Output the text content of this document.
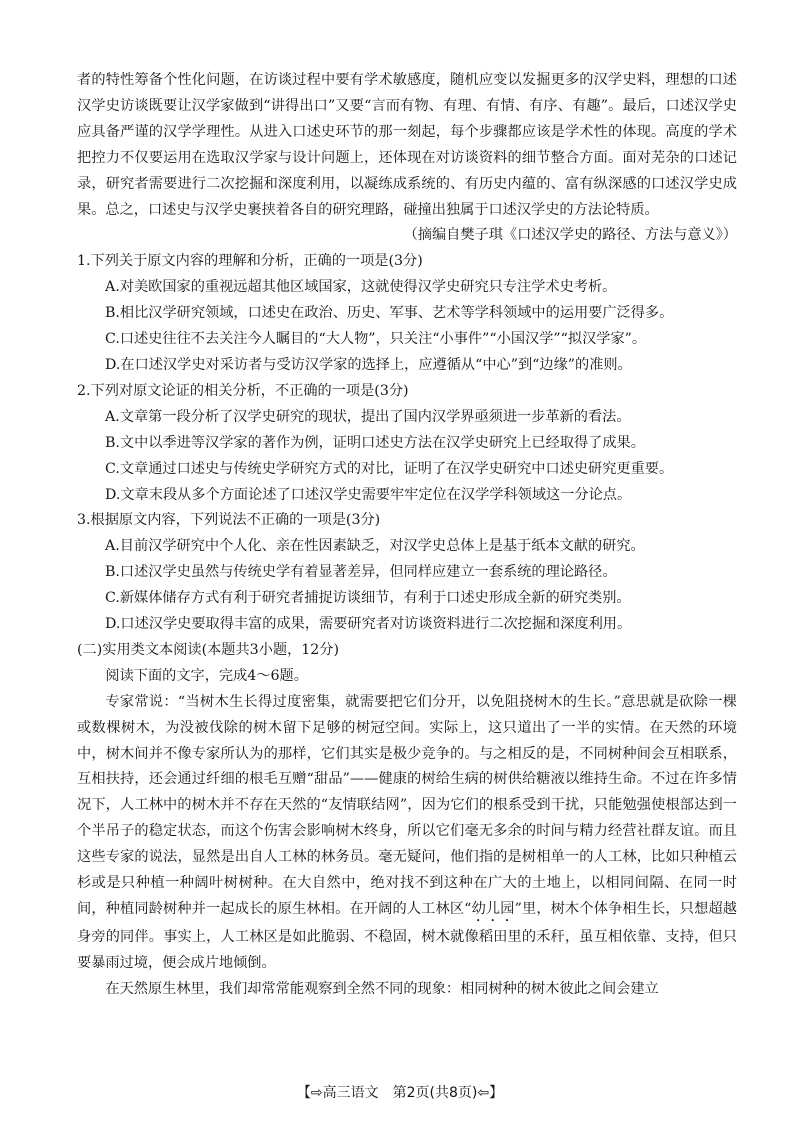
者的特性筹备个性化问题，在访谈过程中要有学术敏感度，随机应变以发掘更多的汉学史料，理想的口述汉学史访谈既要让汉学家做到“讲得出口”又要“言而有物、有理、有情、有序、有趣”。最后，口述汉学史应具备严谨的汉学学理性。从进入口述史环节的那一刻起，每个步骤都应该是学术性的体现。高度的学术把控力不仅要运用在选取汉学家与设计问题上，还体现在对访谈资料的细节整合方面。面对芜杂的口述记录，研究者需要进行二次挖掘和深度利用，以凝练成系统的、有历史内蕴的、富有纵深感的口述汉学史成果。总之，口述史与汉学史裹挟着各自的研究理路，碰撞出独属于口述汉学史的方法论特质。

（摘编自樊子琪《口述汉学史的路径、方法与意义》）

1.下列关于原文内容的理解和分析，正确的一项是(3分)

A.对美欧国家的重视远超其他区域国家，这就使得汉学史研究只专注学术史考析。

B.相比汉学研究领域，口述史在政治、历史、军事、艺术等学科领域中的运用要广泛得多。

C.口述史往往不去关注今人瞩目的“大人物”，只关注“小事件”“小国汉学”“拟汉学家”。

D.在口述汉学史对采访者与受访汉学家的选择上，应遵循从“中心”到“边缘”的准则。

2.下列对原文论证的相关分析，不正确的一项是(3分)

A.文章第一段分析了汉学史研究的现状，提出了国内汉学界亟须进一步革新的看法。

B.文中以季进等汉学家的著作为例，证明口述史方法在汉学史研究上已经取得了成果。

C.文章通过口述史与传统史学研究方式的对比，证明了在汉学史研究中口述史研究更重要。

D.文章末段从多个方面论述了口述汉学史需要牢牢定位在汉学学科领域这一分论点。

3.根据原文内容，下列说法不正确的一项是(3分)

A.目前汉学研究中个人化、亲在性因素缺乏，对汉学史总体上是基于纸本文献的研究。

B.口述汉学史虽然与传统史学有着显著差异，但同样应建立一套系统的理论路径。

C.新媒体储存方式有利于研究者捕捉访谈细节，有利于口述史形成全新的研究类别。

D.口述汉学史要取得丰富的成果，需要研究者对访谈资料进行二次挖掘和深度利用。

(二)实用类文本阅读(本题共3小题，12分)

阅读下面的文字，完成4～6题。

专家常说：“当树木生长得过度密集，就需要把它们分开，以免阻挠树木的生长。”意思就是砍除一棵或数棵树木，为没被伐除的树木留下足够的树冠空间。实际上，这只道出了一半的实情。在天然的环境中，树木间并不像专家所认为的那样，它们其实是极少竞争的。与之相反的是，不同树种间会互相联系，互相扶持，还会通过纤细的根毛互赠“甜品”——健康的树给生病的树供给糖液以维持生命。不过在许多情况下，人工林中的树木并不存在天然的“友情联结网”，因为它们的根系受到干扰，只能勉强使根部达到一个半吊子的稳定状态，而这个伤害会影响树木终身，所以它们毫无多余的时间与精力经营社群友谊。而且这些专家的说法，显然是出自人工林的林务员。毫无疑问，他们指的是树相单一的人工林，比如只种植云杉或是只种植一种阔叶树树种。在大自然中，绝对找不到这种在广大的土地上，以相同间隔、在同一时间，种植同龄树种并一起成长的原生林相。在开阔的人工林区“幼儿园”里，树木个体争相生长，只想超越身旁的同伴。事实上，人工林区是如此脆弱、不稳固，树木就像稻田里的禾秆，虽互相依靠、支持，但只要暴雨过境，便会成片地倾倒。

在天然原生林里，我们却常常能观察到全然不同的现象：相同树种的树木彼此之间会建立

【⇨高三语文　第2页(共8页)⇦】
